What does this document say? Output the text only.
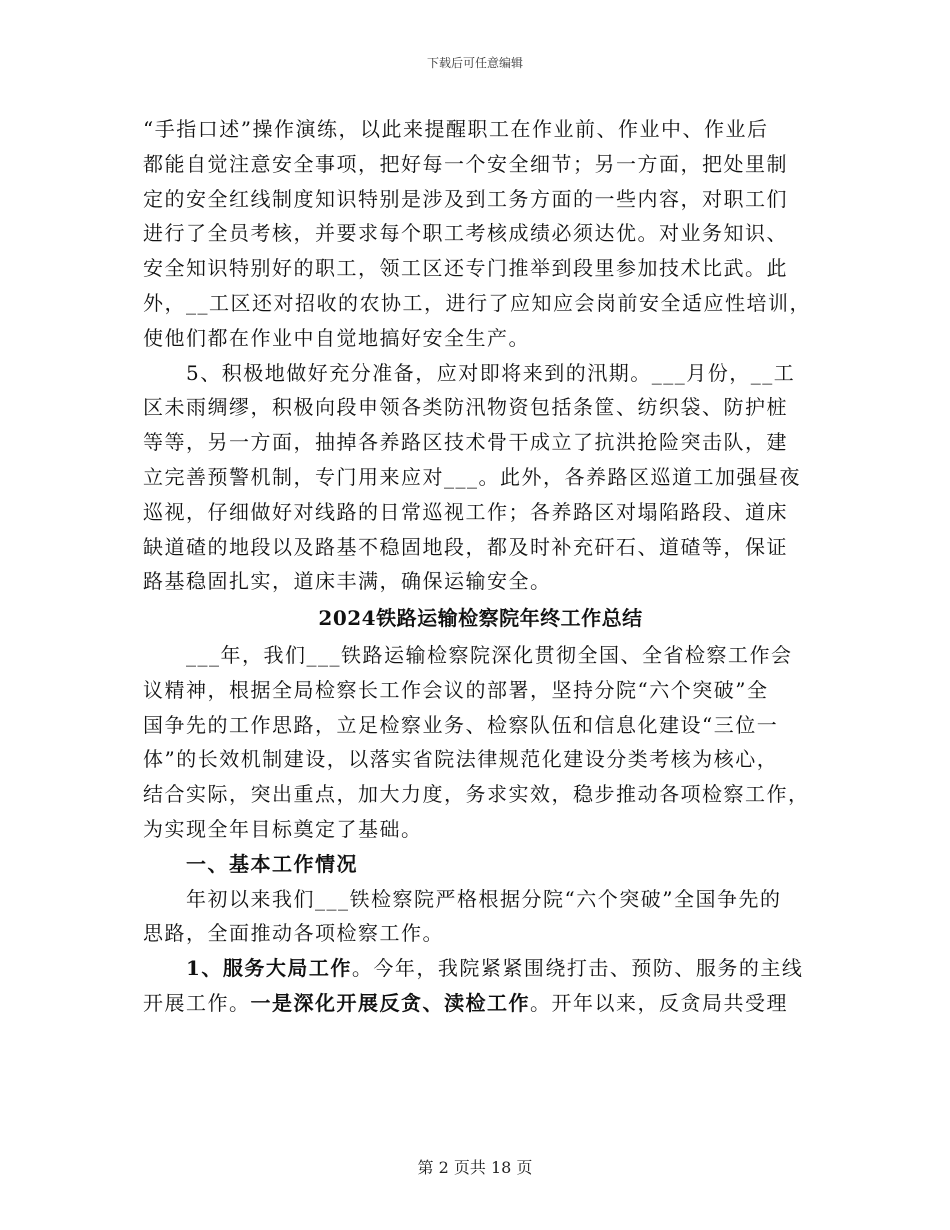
下载后可任意编辑
“手指口述”操作演练，以此来提醒职工在作业前、作业中、作业后
都能自觉注意安全事项，把好每一个安全细节；另一方面，把处里制
定的安全红线制度知识特别是涉及到工务方面的一些内容，对职工们
进行了全员考核，并要求每个职工考核成绩必须达优。对业务知识、
安全知识特别好的职工，领工区还专门推举到段里参加技术比武。此
外，__工区还对招收的农协工，进行了应知应会岗前安全适应性培训，
使他们都在作业中自觉地搞好安全生产。
　　5、积极地做好充分准备，应对即将来到的汛期。___月份，__工
区未雨绸缪，积极向段申领各类防汛物资包括条筐、纺织袋、防护桩
等等，另一方面，抽掉各养路区技术骨干成立了抗洪抢险突击队，建
立完善预警机制，专门用来应对___。此外，各养路区巡道工加强昼夜
巡视，仔细做好对线路的日常巡视工作；各养路区对塌陷路段、道床
缺道碴的地段以及路基不稳固地段，都及时补充矸石、道碴等，保证
路基稳固扎实，道床丰满，确保运输安全。
2024铁路运输检察院年终工作总结
　　___年，我们___铁路运输检察院深化贯彻全国、全省检察工作会
议精神，根据全局检察长工作会议的部署，坚持分院“六个突破”全
国争先的工作思路，立足检察业务、检察队伍和信息化建设“三位一
体”的长效机制建设，以落实省院法律规范化建设分类考核为核心，
结合实际，突出重点，加大力度，务求实效，稳步推动各项检察工作，
为实现全年目标奠定了基础。
　　一、基本工作情况
　　年初以来我们___铁检察院严格根据分院“六个突破”全国争先的
思路，全面推动各项检察工作。
　　1、服务大局工作。今年，我院紧紧围绕打击、预防、服务的主线
开展工作。一是深化开展反贪、渎检工作。开年以来，反贪局共受理
第 2 页共 18 页
